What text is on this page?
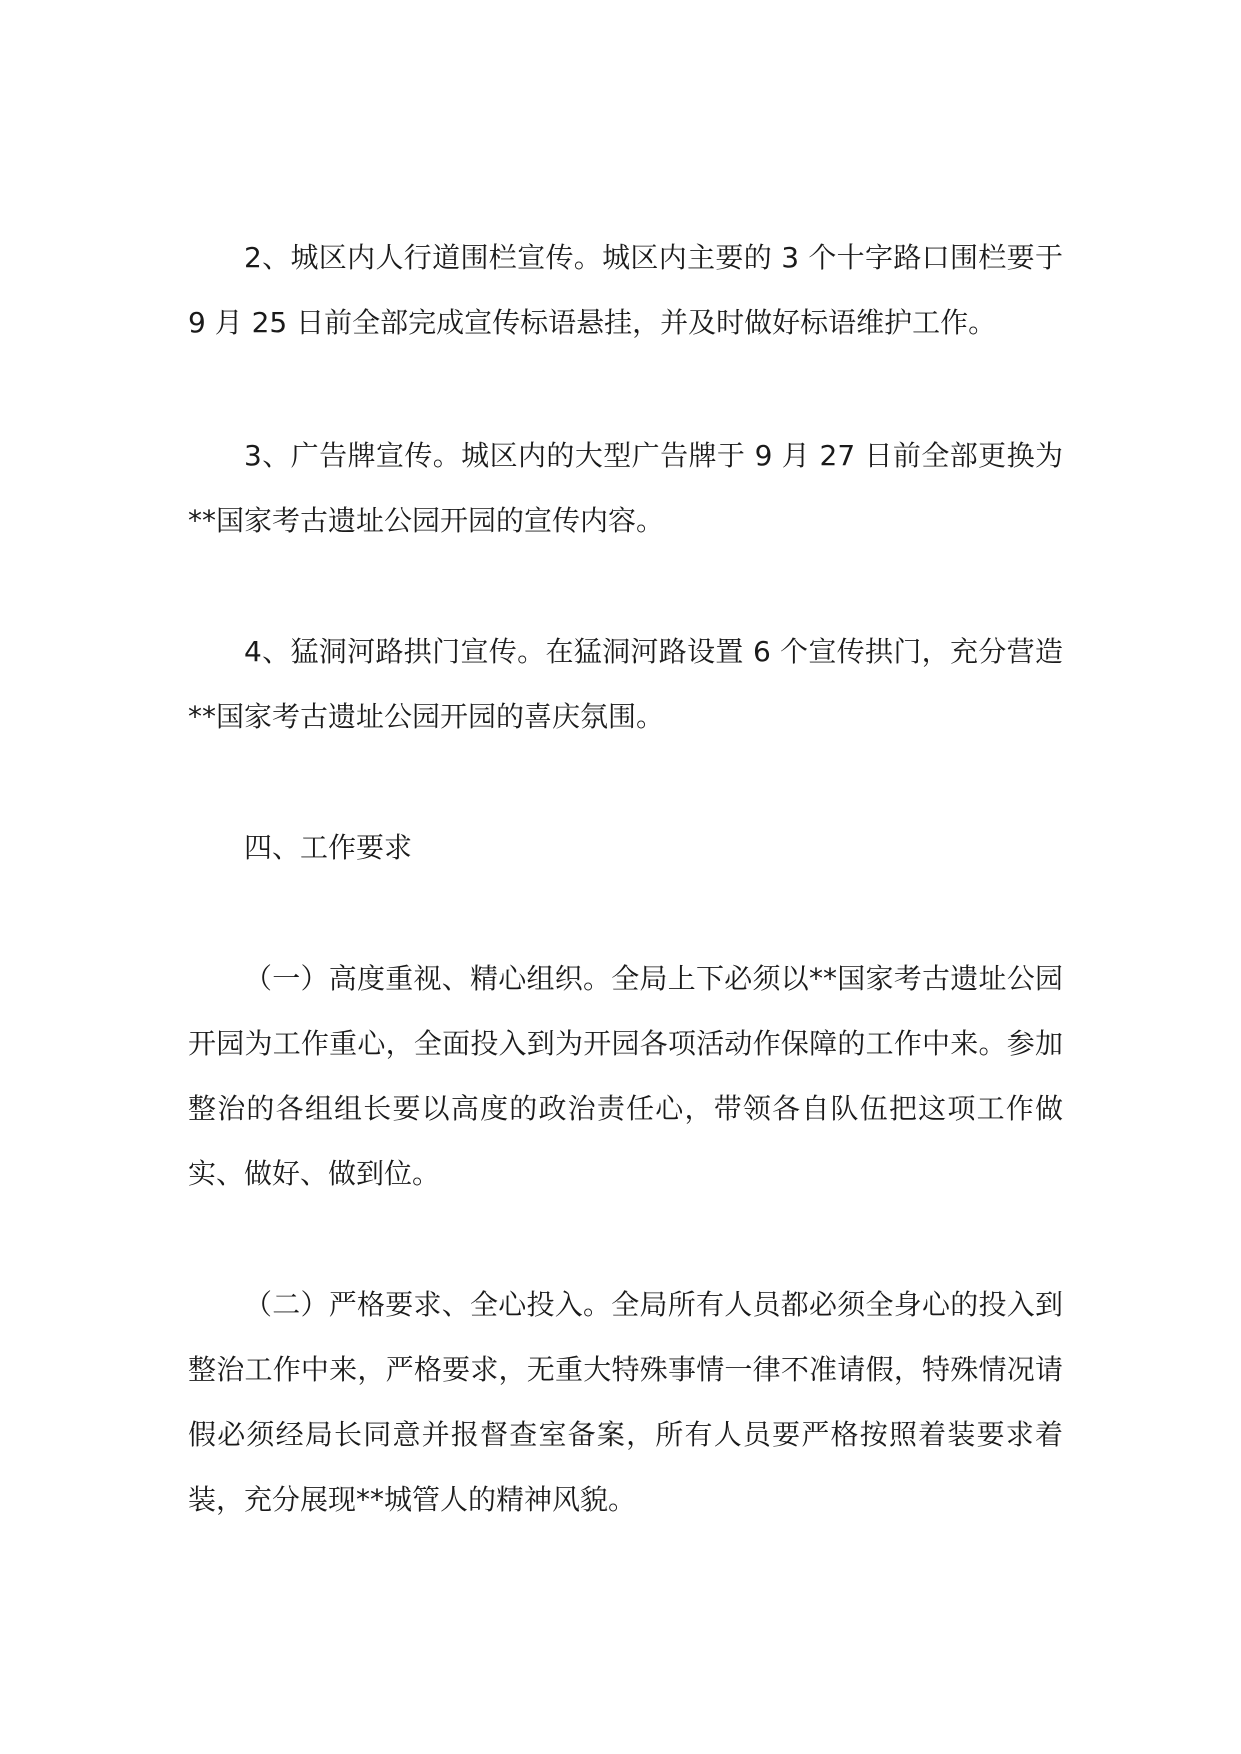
2、城区内人行道围栏宣传。城区内主要的 3 个十字路口围栏要于 9 月 25 日前全部完成宣传标语悬挂，并及时做好标语维护工作。

3、广告牌宣传。城区内的大型广告牌于 9 月 27 日前全部更换为**国家考古遗址公园开园的宣传内容。

4、猛洞河路拱门宣传。在猛洞河路设置 6 个宣传拱门，充分营造**国家考古遗址公园开园的喜庆氛围。

四、工作要求

（一）高度重视、精心组织。全局上下必须以**国家考古遗址公园开园为工作重心，全面投入到为开园各项活动作保障的工作中来。参加整治的各组组长要以高度的政治责任心，带领各自队伍把这项工作做实、做好、做到位。

（二）严格要求、全心投入。全局所有人员都必须全身心的投入到整治工作中来，严格要求，无重大特殊事情一律不准请假，特殊情况请假必须经局长同意并报督查室备案，所有人员要严格按照着装要求着装，充分展现**城管人的精神风貌。
